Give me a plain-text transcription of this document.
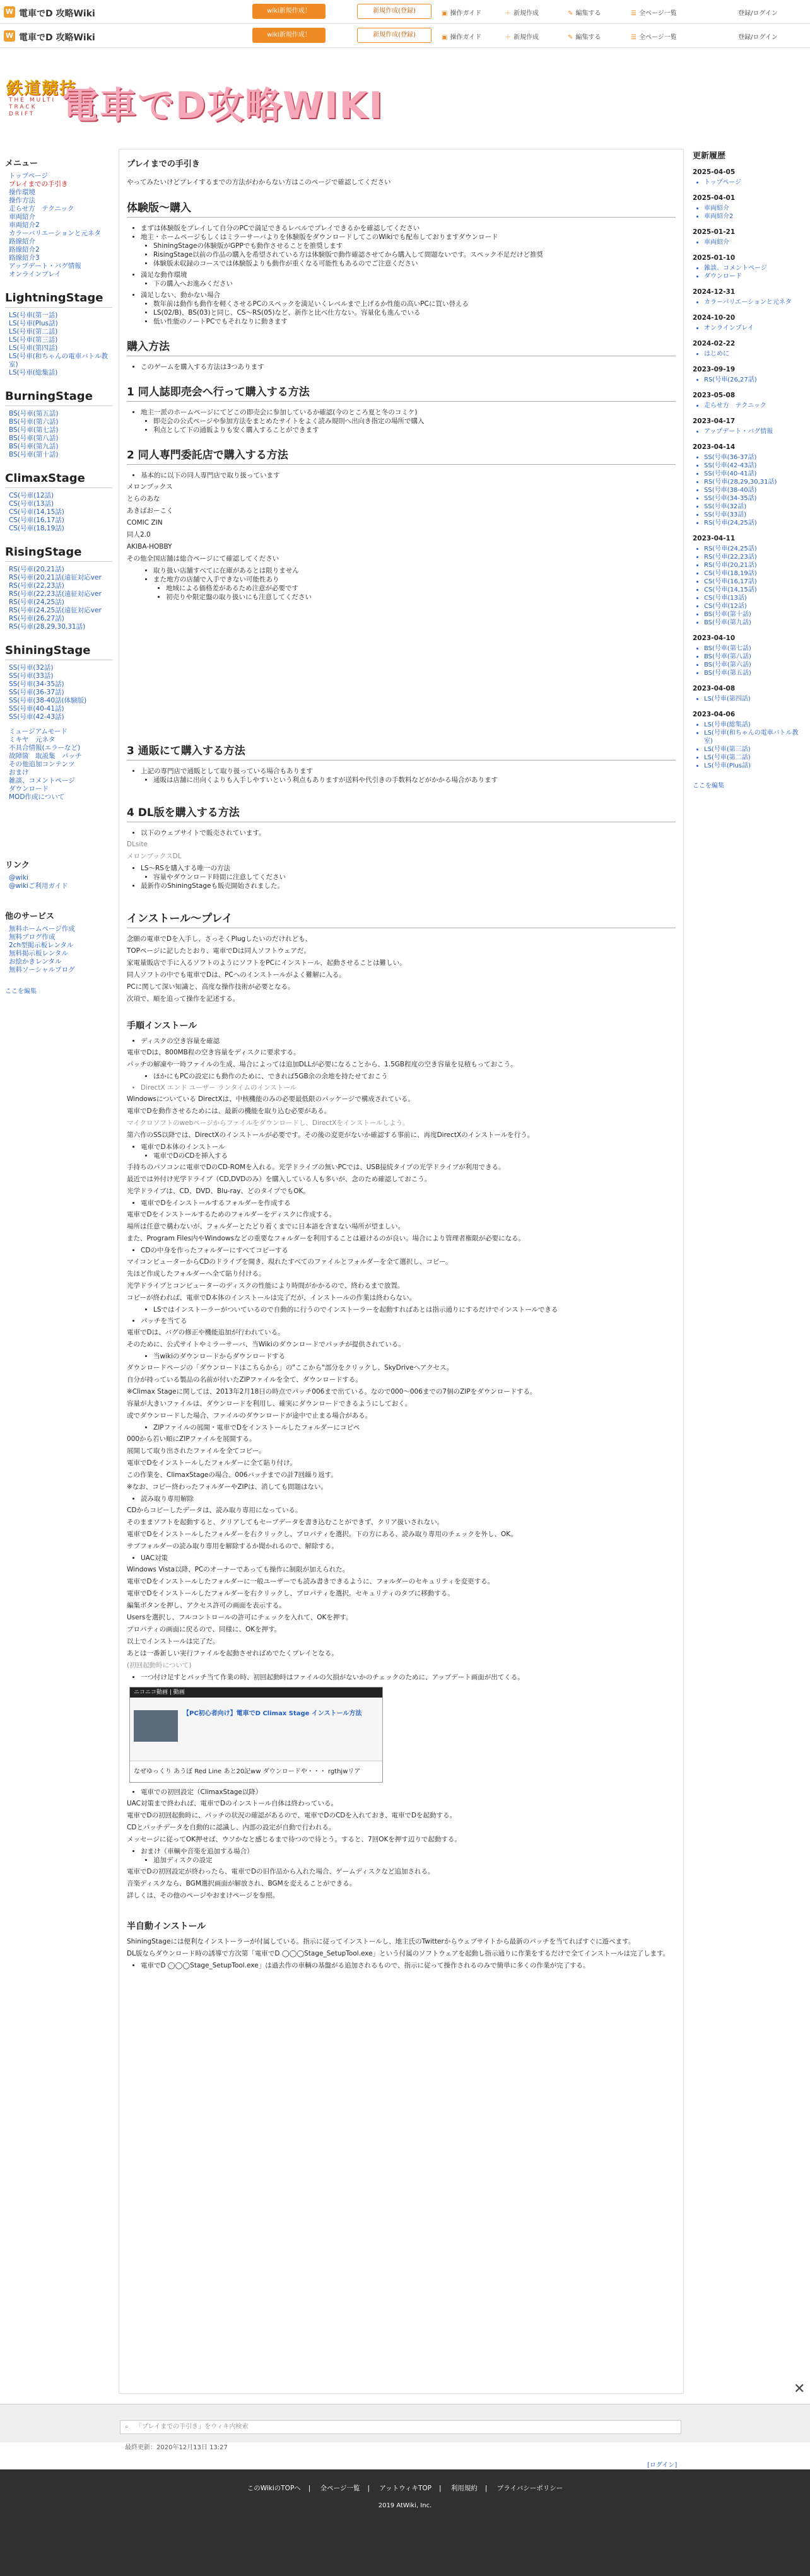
W 電車でD 攻略Wiki	wiki新規作成！	新規作成(登録)	▣ 操作ガイド	＋ 新規作成	✎ 編集する	☰ 全ページ一覧	登録/ログイン
W 電車でD 攻略Wiki	wiki新規作成！	新規作成(登録)	▣ 操作ガイド	＋ 新規作成	✎ 編集する	☰ 全ページ一覧	登録/ログイン
鉄道競技
THE MULTI TRACK DRIFT 電車でD攻略WIKI
メニュー
トップページ
プレイまでの手引き
操作環境
操作方法
走らせ方　テクニック
車両紹介
車両紹介2
カラーバリエーションと元ネタ
路線紹介
路線紹介2
路線紹介3
アップデート・バグ情報
オンラインプレイ
LightningStage
LS(号車(第一話)
LS(号車(Plus話)
LS(号車(第二話)
LS(号車(第三話)
LS(号車(第四話)
LS(号車(和ちゃんの電車バトル教室)
LS(号車(総集話)
BurningStage
BS(号車(第五話)
BS(号車(第六話)
BS(号車(第七話)
BS(号車(第八話)
BS(号車(第九話)
BS(号車(第十話)
ClimaxStage
CS(号車(12話)
CS(号車(13話)
CS(号車(14,15話)
CS(号車(16,17話)
CS(号車(18,19話)
RisingStage
RS(号車(20,21話)
RS(号車(20,21話(遠征対応ver
RS(号車(22,23話)
RS(号車(22,23話(遠征対応ver
RS(号車(24,25話)
RS(号車(24,25話(遠征対応ver
RS(号車(26,27話)
RS(号車(28,29,30,31話)
ShiningStage
SS(号車(32話)
SS(号車(33話)
SS(号車(34-35話)
SS(号車(36-37話)
SS(号車(38-40話(体験版)
SS(号車(40-41話)
SS(号車(42-43話)
ミュージアムモード
ミキヤ　元ネタ
不具合情報(エラーなど)
故障箇　取説集　パッチ
その他追加コンテンツ
おまけ
雑談、コメントページ
ダウンロード
MOD作成について
リンク
@wiki
@wikiご利用ガイド
他のサービス
無料ホームページ作成
無料ブログ作成
2ch型掲示板レンタル
無料掲示板レンタル
お絵かきレンタル
無料ソーシャルプログ
ここを編集
プレイまでの手引き

やってみたいけどプレイするまでの方法がわからない方はこのページで確認してください

体験版～購入
• まずは体験版をプレイして自分のPCで満足できるレベルでプレイできるかを確認してください
• 地主・ホームページもしくはミラーサーバよりを体験版をダウンロードしてこのWikiでも配布しておりますダウンロード
• ShiningStageの体験版がGPPでも動作させることを推奨します
• RisingStage以前の作品の購入を希望されている方は体験版で動作確認させてから購入して問題ないです。スペック不足だけど推奨
• 体験版未収録のコースでは体験版よりも動作が重くなる可能性もあるのでご注意ください
• 満足な動作環境
• 下の購入へお進みください
• 満足しない、動かない場合
• 数年前は動作も動作を軽くさせるPCのスペックを満足いくレベルまで上げるか性能の高いPCに買い替える
• LS(02/B)、BS(03)と同じ、CS～RS(05)など、新作と比べ仕方ない。容量化も進んでいる
• 低い性能のノートPCでもそれなりに動きます
購入方法
• このゲームを購入する方法は3つあります
1 同人誌即売会へ行って購入する方法
• 地主一派のホームページにてどこの即売会に参加しているか確認(今のところ夏と冬のコミケ)
• 即売会の公式ページや参加方法をまとめたサイトをよく読み規則へ出向き指定の場所で購入
• 利点として下の通販よりも安く購入することができます
2 同人専門委託店で購入する方法
• 基本的に以下の同人専門店で取り扱っています

メロンブックス

とらのあな

あきばおーこく

COMIC ZIN

同人2.0

AKIBA-HOBBY

その他全国店舗は総合ページにて確認してください

• 取り扱い店舗すべてに在庫があるとは限りません
• また地方の店舗で入手できない可能性あり
• 地域による価格差があるため注意が必要です
• 初売りや限定盤の取り扱いにも注意してください
3 通販にて購入する方法
• 上記の専門店で通販として取り扱っている場合もあります
• 通販は店舗に出向くよりも入手しやすいという利点もありますが送料や代引きの手数料などがかかる場合があります
4 DL版を購入する方法
• 以下のウェブサイトで販売されています。

DLsite

メロンブックスDL

• LS～RSを購入する唯一の方法
• 容量やダウンロード時間に注意してください
• 最新作のShiningStageも販売開始されました。
インストール～プレイ

念願の電車でDを入手し、さっそくPlugしたいのだけれども、

TOPページに記したとおり、電車でDは同人ソフトウェアだ。

家電量販店で手に入るソフトのようにソフトをPCにインストール、起動させることは難しい。

同人ソフトの中でも電車でDは、PCへのインストールがよく難解に入る。

PCに関して深い知識と、高度な操作技術が必要となる。

次項で、順を追って操作を記述する。

手順インストール
• ディスクの空き容量を確認

電車でDは、800MB程の空き容量をディスクに要求する。

パッチの解凍や一時ファイルの生成、場合によっては追加DLLが必要になることから、1.5GB程度の空き容量を見積もっておこう。

• ほかにもPCの設定にも動作のために、できれば5GB余の余地を持たせておこう
• DirectX エンド ユーザー ランタイムのインストール

Windowsについている DirectXは、中核機能のみの必要最低限のパッケージで構成されている。

電車でDを動作させるためには、最新の機能を取り込む必要がある。

マイクロソフトのwebページからファイルをダウンロードし、DirectXをインストールしよう。

第六作のSS以降では、DirectXのインストールが必要です。その後の変更がないか確認する事前に、再度DirectXのインストールを行う。

• 電車でD本体のインストール
• 電車でDのCDを挿入する

手持ちのパソコンに電車でDのCD-ROMを入れる。光学ドライブの無いPCでは、USB接続タイプの光学ドライブが利用できる。

最近では外付け光学ドライブ（CD,DVDのみ）を購入している人も多いが、念のため確認しておこう。

光学ドライブは、CD、DVD、Blu-ray、どのタイプでもOK。

• 電車でDをインストールするフォルダーを作成する

電車でDをインストールするためのフォルダーをディスクに作成する。

場所は任意で構わないが、フォルダーとたどり着くまでに日本語を含まない場所が望ましい。

また、Program Files内やWindowsなどの重要なフォルダーを利用することは避けるのが良い。場合により管理者権限が必要になる。

• CDの中身を作ったフォルダーにすべてコピーする

マイコンピューターからCDのドライブを開き、現れたすべてのファイルとフォルダーを全て選択し、コピー。

先ほど作成したフォルダーへ全て貼り付ける。

光学ドライブとコンピューターのディスクの性能により時間がかかるので、終わるまで放置。

コピーが終われば、電車でD本体のインストールは完了だが、インストールの作業は終わらない。

• LSではインストーラーがついているので自動的に行うのでインストーラーを起動すればあとは指示通りにするだけでインストールできる
• パッチを当てる

電車でDは、バグの修正や機能追加が行われている。

そのために、公式サイトやミラーサーバ、当Wikiのダウンロードでパッチが提供されている。

• 当wikiのダウンロードからダウンロードする

ダウンロードページの「ダウンロードはこちらから」の"ここから"部分をクリックし、SkyDriveへアクセス。

自分が持っている製品の名前が付いたZIPファイルを全て、ダウンロードする。

※Climax Stageに関しては、2013年2月18日の時点でパッチ006まで出ている。なので000～006までの7個のZIPをダウンロードする。

容量が大きいファイルは、ダウンロードを利用し、確実にダウンロードできるようにしておく。

或でダウンロードした場合、ファイルのダウンロードが途中で止まる場合がある。

• ZIPファイルの展開・電車でDをインストールしたフォルダーにコピペ

000から若い順にZIPファイルを展開する。

展開して取り出されたファイルを全てコピー。

電車でDをインストールしたフォルダーに全て貼り付け。

この作業を、ClimaxStageの場合、006バッチまでの計7回繰り返す。

※なお、コピー終わったフォルダーやZIPは、消しても問題はない。

• 読み取り専用解除

CDからコピーしたデータは、読み取り専用になっている。

そのままソフトを起動すると、クリアしてもセーブデータを書き込むことができず、クリア扱いされない。

電車でDをインストールしたフォルダーを右クリックし、プロパティを選択。下の方にある、読み取り専用のチェックを外し、OK。

サブフォルダーの読み取り専用を解除するか聞かれるので、解除する。

• UAC対策

Windows Vista以降、PCのオーナーであっても操作に制限が加えられた。

電車でDをインストールしたフォルダーに一般ユーザーでも読み書きできるように、フォルダーのセキュリティを変更する。

電車でDをインストールしたフォルダーを右クリックし、プロパティを選択。セキュリティのタブに移動する。

編集ボタンを押し、アクセス許可の画面を表示する。

Usersを選択し、フルコントロールの許可にチェックを入れて、OKを押す。

プロパティの画面に戻るので、同様に、OKを押す。

以上でインストールは完了だ。

あとは一番新しい実行ファイルを起動させればめでたくプレイとなる。

(初回起動時について)

• 一つ付け足すとパッチ当て作業の時、初回起動時はファイルの欠損がないかのチェックのために、アップデート画面が出てくる。
ニコニコ動画 | 動画
【PC初心者向け】電車でD Climax Stage インストール方法
なぜゆっくり あうぼ Red Line あと20記ww ダウンロードや・・・ rgthjwリア
• 電車での初回設定（ClimaxStage以降）

UAC対策まで終われば、電車でDのインストール自体は終わっている。

電車でDの初回起動時に、パッチの状況の確認があるので、電車でDのCDを入れておき、電車でDを起動する。

CDとパッチデータを自動的に認識し、内部の設定が自動で行われる。

メッセージに従ってOK押せば、ウソかなと感じるまで待つので待とう。すると、7回OKを押す辺りで起動する。

• おまけ（車輌や音楽を追加する場合）
• 追加ディスクの設定

電車でDの初回設定が終わったら、電車でDの旧作品から入れた場合、ゲームディスクなど追加される。

音楽ディスクなら、BGM選択画面が解放され、BGMを変えることができる。

詳しくは、その他のページやおまけページを参照。

半自動インストール

ShiningStageには便利なインストーラーが付属している。指示に従ってインストールし、地主氏のTwitterからウェブサイトから最新のパッチを当てればすぐに遊べます。

DL版ならダウンロード時の誘導で方次第「電車でD ◯◯◯Stage_SetupTool.exe」という付属のソフトウェアを起動し指示通りに作業をするだけで全てインストールは完了します。

• 電車でD ◯◯◯Stage_SetupTool.exe」は過去作の車輌の基盤がる追加されるもので、指示に従って操作されるのみで簡単に多くの作業が完了する。
更新履歴
2025-04-05
• トップページ
2025-04-01
• 車両紹介
• 車両紹介2
2025-01-21
• 車両紹介
2025-01-10
• 雑談、コメントページ
• ダウンロード
2024-12-31
• カラーバリエーションと元ネタ
2024-10-20
• オンラインプレイ
2024-02-22
• はじめに
2023-09-19
• RS(号車(26,27話)
2023-05-08
• 走らせ方　テクニック
2023-04-17
• アップデート・バグ情報
2023-04-14
• SS(号車(36-37話)
• SS(号車(42-43話)
• SS(号車(40-41話)
• RS(号車(28,29,30,31話)
• SS(号車(38-40話)
• SS(号車(34-35話)
• SS(号車(32話)
• SS(号車(33話)
• RS(号車(24,25話)
2023-04-11
• RS(号車(24,25話)
• RS(号車(22,23話)
• RS(号車(20,21話)
• CS(号車(18,19話)
• CS(号車(16,17話)
• CS(号車(14,15話)
• CS(号車(13話)
• CS(号車(12話)
• BS(号車(第十話)
• BS(号車(第九話)
2023-04-10
• BS(号車(第七話)
• BS(号車(第八話)
• BS(号車(第六話)
• BS(号車(第五話)
2023-04-08
• LS(号車(第四話)
2023-04-06
• LS(号車(総集話)
• LS(号車(和ちゃんの電車バトル教室)
• LS(号車(第三話)
• LS(号車(第二話)
• LS(号車(Plus話)
ここを編集
✕
⌕ 「プレイまでの手引き」をウィキ内検索
最終更新：2020年12月13日 13:27
[ログイン]
このWikiのTOPへ | 全ページ一覧 | アットウィキTOP | 利用規約 | プライバシーポリシー
2019 AtWiki, Inc.
